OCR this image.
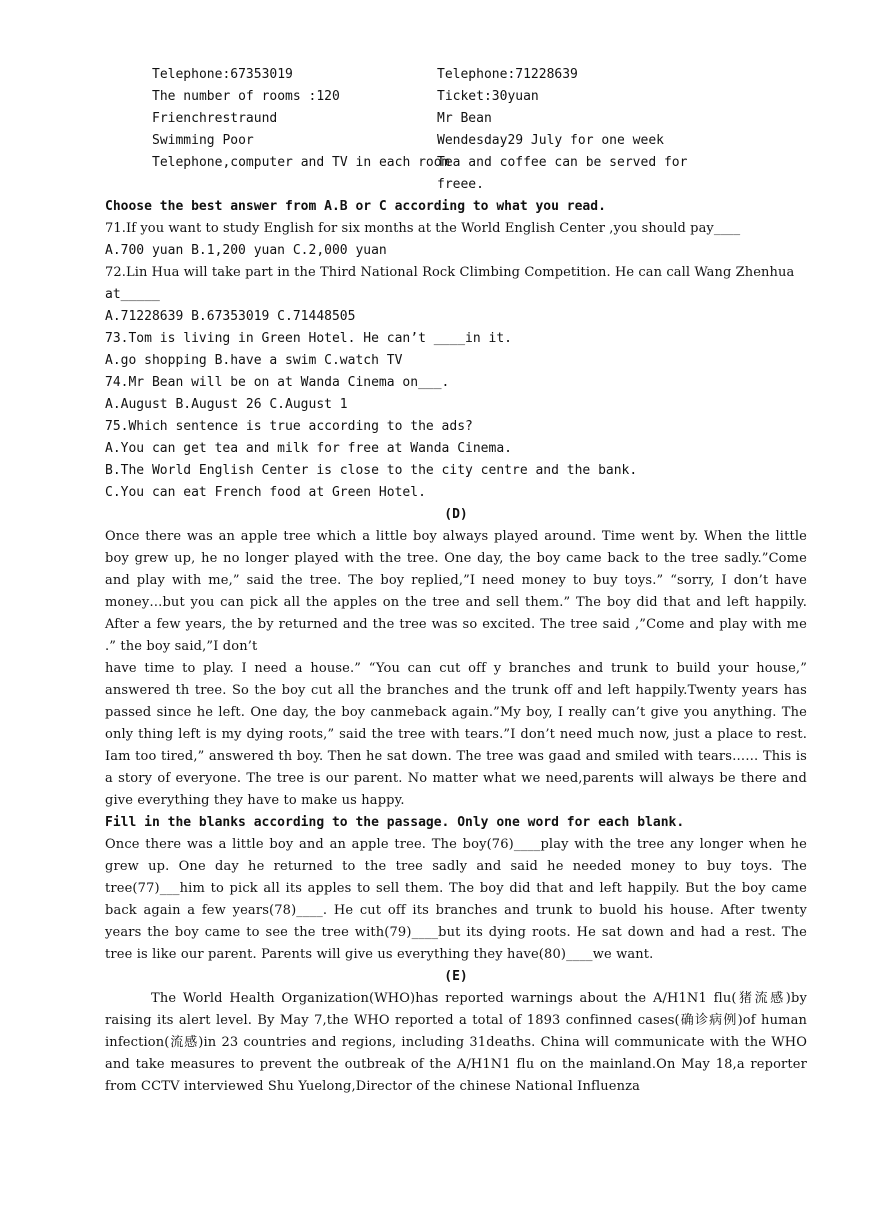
Telephone:67353019
The number of rooms :120
Frienchrestraund
Swimming Poor
Telephone,computer and TV in each room
Telephone:71228639
Ticket:30yuan
Mr Bean
Wendesday29 July for one week
Tea and coffee can be served for freee.
Choose the best answer from A.B or C according to what you read.
71.If you want to study English for six months at the World English Center ,you should pay____
A.700 yuan B.1,200 yuan C.2,000 yuan
72.Lin Hua will take part in the Third National Rock Climbing Competition. He can call Wang Zhenhua
at_____
A.71228639 B.67353019 C.71448505
73.Tom is living in Green Hotel. He can’t ____in it.
A.go shopping B.have a swim C.watch TV
74.Mr Bean will be on at Wanda Cinema on___.
A.August B.August 26 C.August 1
75.Which sentence is true according to the ads?
A.You can get tea and milk for free at Wanda Cinema.
B.The World English Center is close to the city centre and the bank.
C.You can eat French food at Green Hotel.
(D)
Once there was an apple tree which a little boy always played around. Time went by. When the little boy grew up, he no longer played with the tree. One day, the boy came back to the tree sadly.”Come and play with me,” said the tree. The boy replied,”I need money to buy toys.” “sorry, I don’t have money…but you can pick all the apples on the tree and sell them.” The boy did that and left happily. After a few years, the by returned and the tree was so excited. The tree said ,”Come and play with me .” the boy said,”I don’t
have time to play. I need a house.” “You can cut off y branches and trunk to build your house,” answered th tree. So the boy cut all the branches and the trunk off and left happily.Twenty years has passed since he left. One day, the boy canmeback again.”My boy, I really can’t give you anything. The only thing left is my dying roots,” said the tree with tears.”I don’t need much now, just a place to rest. Iam too tired,” answered th boy. Then he sat down. The tree was gaad and smiled with tears…… This is a story of everyone. The tree is our parent. No matter what we need,parents will always be there and give everything they have to make us happy.
Fill in the blanks according to the passage. Only one word for each blank.
Once there was a little boy and an apple tree. The boy(76)____play with the tree any longer when he grew up. One day he returned to the tree sadly and said he needed money to buy toys. The tree(77)___him to pick all its apples to sell them. The boy did that and left happily. But the boy came back again a few years(78)____. He cut off its branches and trunk to buold his house. After twenty years the boy came to see the tree with(79)____but its dying roots. He sat down and had a rest. The tree is like our parent. Parents will give us everything they have(80)____we want.
(E)
The World Health Organization(WHO)has reported warnings about the A/H1N1 flu(猪流感)by raising its alert level. By May 7,the WHO reported a total of 1893 confinned cases(确诊病例)of human infection(流感)in 23 countries and regions, including 31deaths. China will communicate with the WHO and take measures to prevent the outbreak of the A/H1N1 flu on the mainland.On May 18,a reporter from CCTV interviewed Shu Yuelong,Director of the chinese National Influenza
